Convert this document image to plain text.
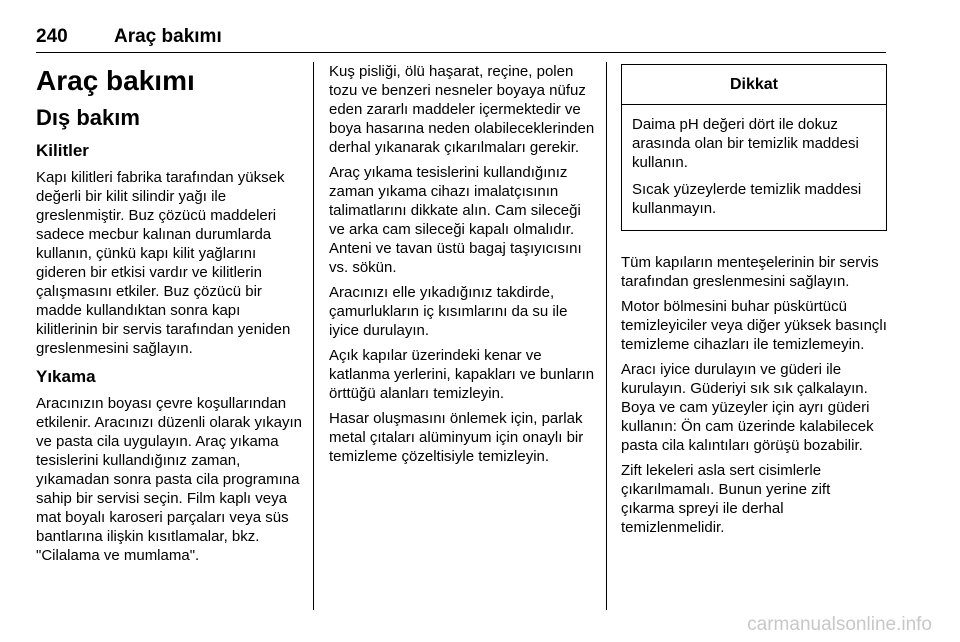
240 Araç bakımı
Araç bakımı
Dış bakım
Kilitler

Kapı kilitleri fabrika tarafından yüksek değerli bir kilit silindir yağı ile greslenmiştir. Buz çözücü maddeleri sadece mecbur kalınan durumlarda kullanın, çünkü kapı kilit yağlarını gideren bir etkisi vardır ve kilitlerin çalışmasını etkiler. Buz çözücü bir madde kullandıktan sonra kapı kilitlerinin bir servis tarafından yeniden greslenmesini sağlayın.

Yıkama

Aracınızın boyası çevre koşullarından etkilenir. Aracınızı düzenli olarak yıkayın ve pasta cila uygulayın. Araç yıkama tesislerini kullandığınız zaman, yıkamadan sonra pasta cila programına sahip bir servisi seçin. Film kaplı veya mat boyalı karoseri parçaları veya süs bantlarına ilişkin kısıtlamalar, bkz. "Cilalama ve mumlama".

Kuş pisliği, ölü haşarat, reçine, polen tozu ve benzeri nesneler boyaya nüfuz eden zararlı maddeler içermektedir ve boya hasarına neden olabileceklerinden derhal yıkanarak çıkarılmaları gerekir.

Araç yıkama tesislerini kullandığınız zaman yıkama cihazı imalatçısının talimatlarını dikkate alın. Cam sileceği ve arka cam sileceği kapalı olmalıdır. Anteni ve tavan üstü bagaj taşıyıcısını vs. sökün.

Aracınızı elle yıkadığınız takdirde, çamurlukların iç kısımlarını da su ile iyice durulayın.

Açık kapılar üzerindeki kenar ve katlanma yerlerini, kapakları ve bunların örttüğü alanları temizleyin.

Hasar oluşmasını önlemek için, parlak metal çıtaları alüminyum için onaylı bir temizleme çözeltisiyle temizleyin.

Dikkat

Daima pH değeri dört ile dokuz arasında olan bir temizlik maddesi kullanın.

Sıcak yüzeylerde temizlik maddesi kullanmayın.

Tüm kapıların menteşelerinin bir servis tarafından greslenmesini sağlayın.

Motor bölmesini buhar püskürtücü temizleyiciler veya diğer yüksek basınçlı temizleme cihazları ile temizlemeyin.

Aracı iyice durulayın ve güderi ile kurulayın. Güderiyi sık sık çalkalayın. Boya ve cam yüzeyler için ayrı güderi kullanın: Ön cam üzerinde kalabilecek pasta cila kalıntıları görüşü bozabilir.

Zift lekeleri asla sert cisimlerle çıkarılmamalı. Bunun yerine zift çıkarma spreyi ile derhal temizlenmelidir.

carmanualsonline.info
